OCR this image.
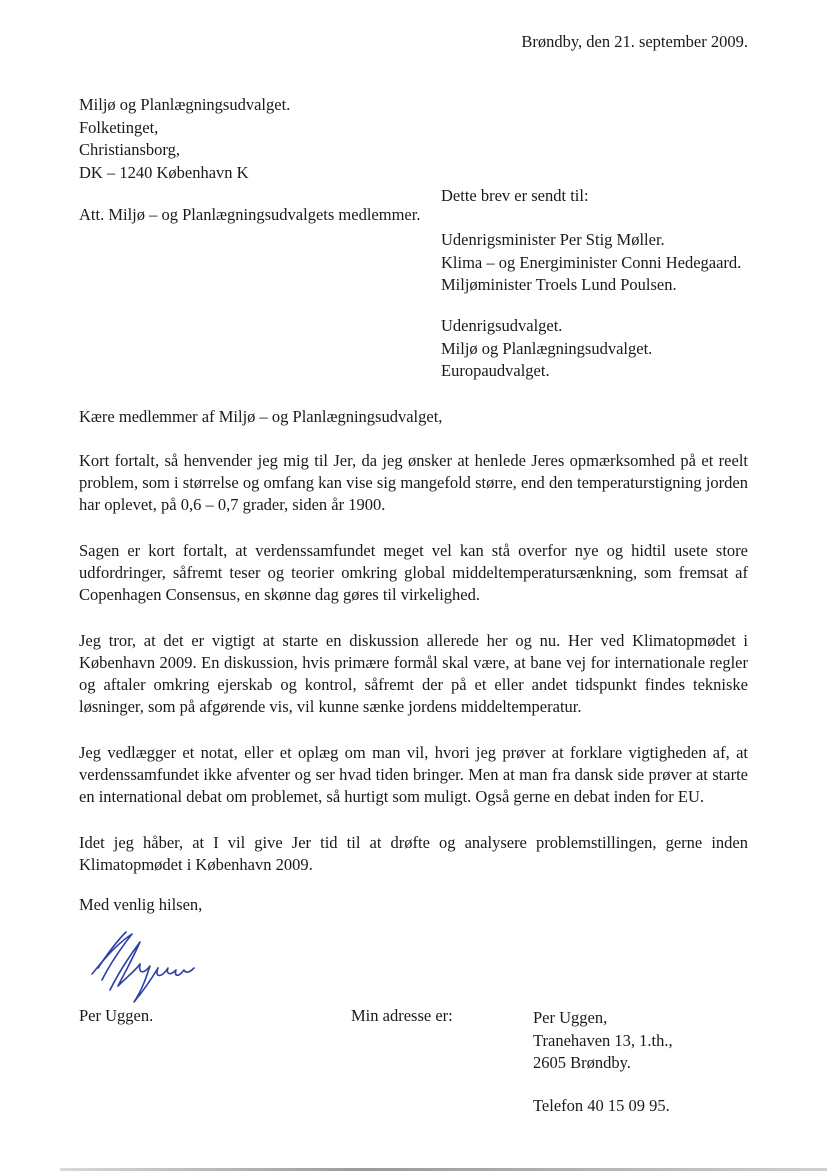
Brøndby, den 21. september 2009.
Miljø og Planlægningsudvalget.
Folketinget,
Christiansborg,
DK – 1240 København K
Dette brev er sendt til:
Att. Miljø – og Planlægningsudvalgets medlemmer.
Udenrigsminister Per Stig Møller.
Klima – og Energiminister Conni Hedegaard.
Miljøminister Troels Lund Poulsen.
Udenrigsudvalget.
Miljø og Planlægningsudvalget.
Europaudvalget.
Kære medlemmer af Miljø – og Planlægningsudvalget,

Kort fortalt, så henvender jeg mig til Jer, da jeg ønsker at henlede Jeres opmærksomhed på et reelt problem, som i størrelse og omfang kan vise sig mangefold større, end den temperaturstigning jorden har oplevet, på 0,6 – 0,7 grader, siden år 1900.

Sagen er kort fortalt, at verdenssamfundet meget vel kan stå overfor nye og hidtil usete store udfordringer, såfremt teser og teorier omkring global middeltemperatursænkning, som fremsat af Copenhagen Consensus, en skønne dag gøres til virkelighed.

Jeg tror, at det er vigtigt at starte en diskussion allerede her og nu. Her ved Klimatopmødet i København 2009. En diskussion, hvis primære formål skal være, at bane vej for internationale regler og aftaler omkring ejerskab og kontrol, såfremt der på et eller andet tidspunkt findes tekniske løsninger, som på afgørende vis, vil kunne sænke jordens middeltemperatur.

Jeg vedlægger et notat, eller et oplæg om man vil, hvori jeg prøver at forklare vigtigheden af, at verdenssamfundet ikke afventer og ser hvad tiden bringer. Men at man fra dansk side prøver at starte en international debat om problemet, så hurtigt som muligt. Også gerne en debat inden for EU.

Idet jeg håber, at I vil give Jer tid til at drøfte og analysere problemstillingen, gerne inden Klimatopmødet i København 2009.

Med venlig hilsen,
Per Uggen.	Min adresse er:	Per Uggen,
Tranehaven 13, 1.th.,
2605 Brøndby.
Telefon 40 15 09 95.
